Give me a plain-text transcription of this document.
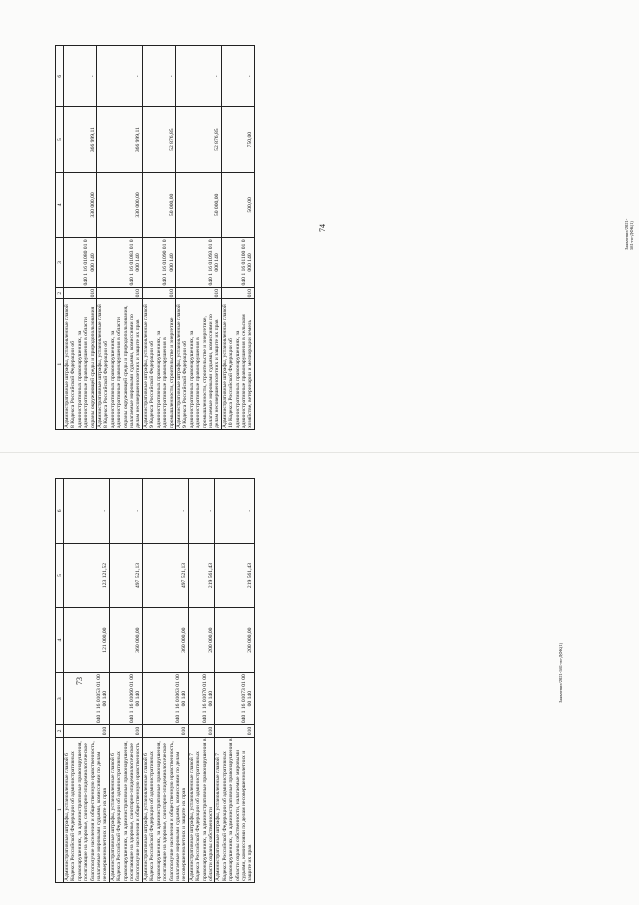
74	Заявление/2021-581-ги-ДФК(1)
1	2	3	4	5	6
Административные штрафы, установленные главой 8 Кодекса Российской Федерации об административных правонарушениях, за административные правонарушения в области охраны окружающей среды и природопользования	010	040 1 16 01080 01 0000 140	330 000,00	366 999,11	-
Административные штрафы, установленные главой 8 Кодекса Российской Федерации об административных правонарушениях, за административные правонарушения в области охраны окружающей среды и природопользования, налагаемые мировыми судьями, комиссиями по делам несовершеннолетних и защите их прав	010	040 1 16 01083 01 0000 140	330 000,00	366 999,11	-
Административные штрафы, установленные главой 9 Кодекса Российской Федерации об административных правонарушениях, за административные правонарушения в промышленности, строительстве и энергетике	010	040 1 16 01090 01 0000 140	50 000,00	52 876,85	-
Административные штрафы, установленные главой 9 Кодекса Российской Федерации об административных правонарушениях, за административные правонарушения в промышленности, строительстве и энергетике, налагаемые мировыми судьями, комиссиями по делам несовершеннолетних и защите их прав	010	040 1 16 01093 01 0000 140	50 000,00	52 876,85	-
Административные штрафы, установленные главой 10 Кодекса Российской Федерации об административных правонарушениях, за административные правонарушения в сельском хозяйстве, ветеринарии и мелиорации земель	010	040 1 16 01100 01 0000 140	500,00	750,00	-
73	Заявление/2021-581-ги-ДФК(1)
1	2	3	4	5	6
Административные штрафы, установленные главой 6 Кодекса Российской Федерации об административных правонарушениях, за административные правонарушения, посягающие на здоровье, санитарно-эпидемиологическое благополучие населения и общественную нравственность, налагаемые мировыми судьями, комиссиями по делам несовершеннолетних и защите их прав	010	040 1 16 01053 01 0000 140	121 000,00	123 121,52	-
Административные штрафы, установленные главой 6 Кодекса Российской Федерации об административных правонарушениях, за административные правонарушения, посягающие на здоровье, санитарно-эпидемиологическое благополучие населения и общественную нравственность	010	040 1 16 01060 01 0000 140	360 000,00	497 521,13	-
Административные штрафы, установленные главой 6 Кодекса Российской Федерации об административных правонарушениях, за административные правонарушения, посягающие на здоровье, санитарно-эпидемиологическое благополучие населения и общественную нравственность, налагаемые мировыми судьями, комиссиями по делам несовершеннолетних и защите их прав	010	040 1 16 01063 01 0000 140	360 000,00	497 521,13	-
Административные штрафы, установленные главой 7 Кодекса Российской Федерации об административных правонарушениях, за административные правонарушения в области охраны собственности	010	040 1 16 01070 01 0000 140	200 000,00	219 561,43	-
Административные штрафы, установленные главой 7 Кодекса Российской Федерации об административных правонарушениях, за административные правонарушения в области охраны собственности, налагаемые мировыми судьями, комиссиями по делам несовершеннолетних и защите их прав	010	040 1 16 01073 01 0000 140	200 000,00	219 561,43	-
